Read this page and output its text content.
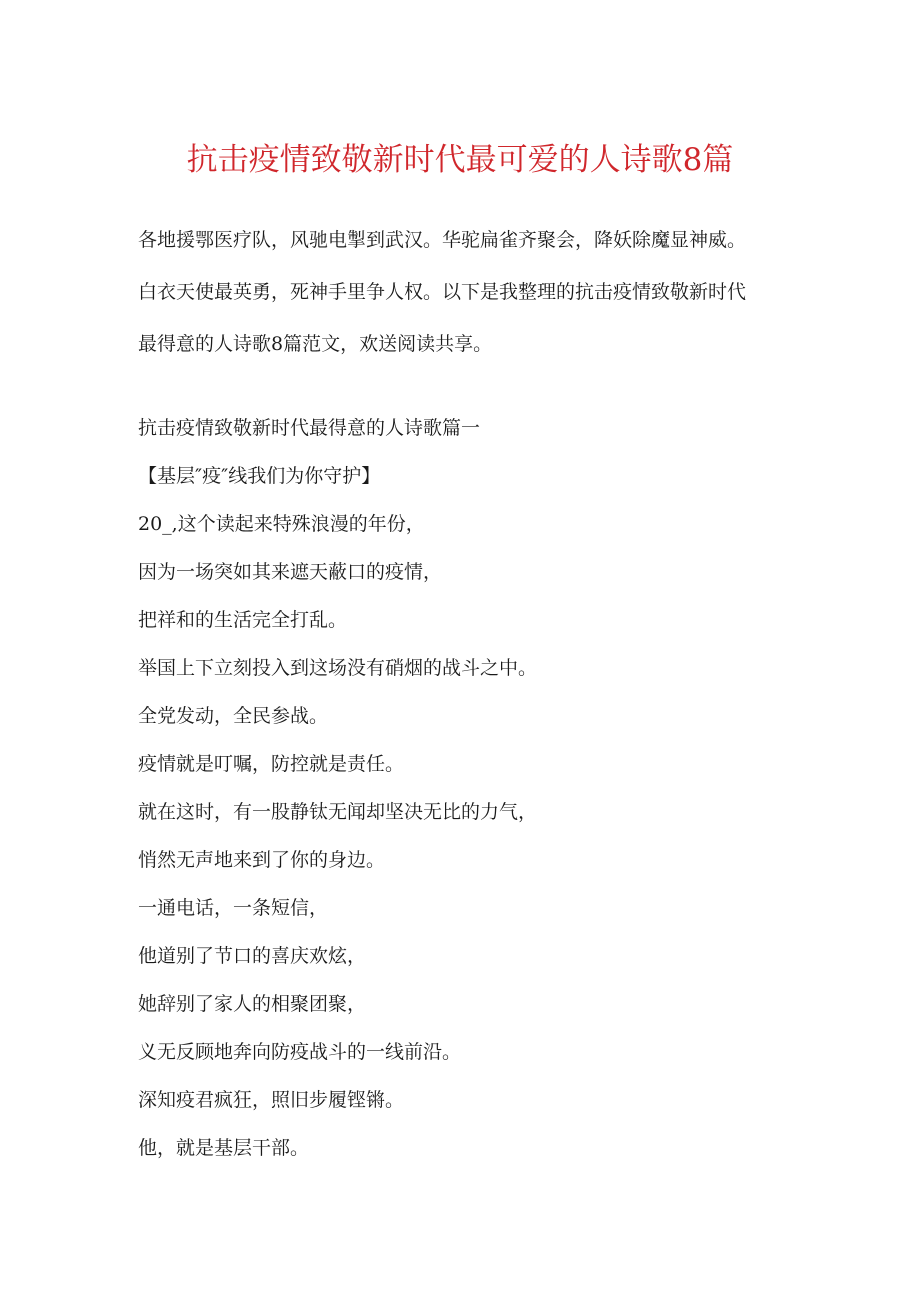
抗击疫情致敬新时代最可爱的人诗歌8篇
各地援鄂医疗队，风驰电掣到武汉。华驼扁雀齐聚会，降妖除魔显神威。
白衣天使最英勇，死神手里争人权。以下是我整理的抗击疫情致敬新时代
最得意的人诗歌8篇范文，欢送阅读共享。
抗击疫情致敬新时代最得意的人诗歌篇一
【基层″疫″线我们为你守护】
20_,这个读起来特殊浪漫的年份，
因为一场突如其来遮天蔽口的疫情，
把祥和的生活完全打乱。
举国上下立刻投入到这场没有硝烟的战斗之中。
全党发动，全民参战。
疫情就是叮嘱，防控就是责任。
就在这时，有一股静钛无闻却坚决无比的力气，
悄然无声地来到了你的身边。
一通电话，一条短信，
他道别了节口的喜庆欢炫，
她辞别了家人的相聚团聚，
义无反顾地奔向防疫战斗的一线前沿。
深知疫君疯狂，照旧步履铿锵。
他，就是基层干部。
